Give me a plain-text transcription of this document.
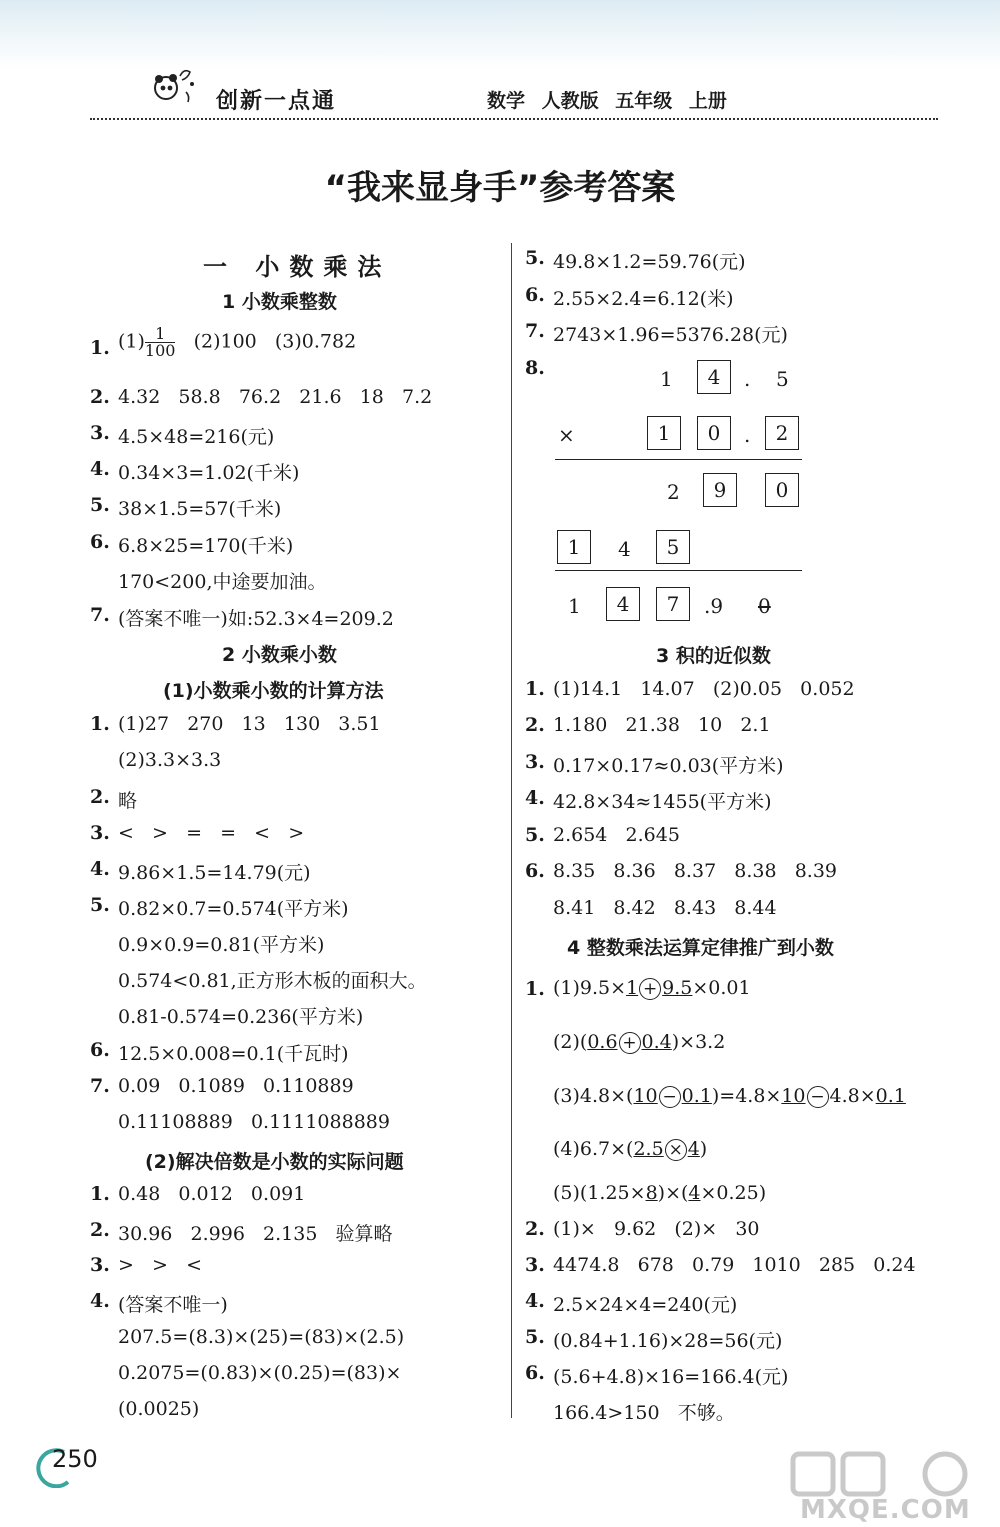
创新一点通	数学 人教版 五年级 上册
“我来显身手”参考答案
一 小数乘法
1 小数乘整数
1. $(1) \frac{1}{100} (2)100$   (3)0.782
2. 4.32   58.8   76.2   21.6   18   7.2
3. 4.5×48=216(元)
4. 0.34×3=1.02(千米)
5. 38×1.5=57(千米)
6. 6.8×25=170(千米)
170<200,中途要加油。
7. (答案不唯一)如:52.3×4=209.2
2 小数乘小数
(1)小数乘小数的计算方法
1. (1)27   270   13   130   3.51
(2)3.3×3.3
2. 略
3. <   >   =   =   <   >
4. 9.86×1.5=14.79(元)
5. 0.82×0.7=0.574(平方米)
0.9×0.9=0.81(平方米)
0.574<0.81,正方形木板的面积大。
0.81-0.574=0.236(平方米)
6. 12.5×0.008=0.1(千瓦时)
7. 0.09   0.1089   0.110889
0.11108889   0.1111088889
(2)解决倍数是小数的实际问题
1. 0.48   0.012   0.091
2. 30.96   2.996   2.135   验算略
3. >   >   <
4. (答案不唯一)
207.5=(8.3)×(25)=(83)×(2.5)
0.2075=(0.83)×(0.25)=(83)×
(0.0025)
5. 49.8×1.2=59.76(元)
6. 2.55×2.4=6.12(米)
7. 2743×1.96=5376.28(元)
8.	1	4	. 5
×	1	0	.	2
2	9	0
1	4	5
1	4	7	.9 0
3 积的近似数
1. (1)14.1   14.07   (2)0.05   0.052
2. 1.180   21.38   10   2.1
3. 0.17×0.17≈0.03(平方米)
4. 42.8×34≈1455(平方米)
5. 2.654   2.645
6. 8.35   8.36   8.37   8.38   8.39
8.41   8.42   8.43   8.44
4 整数乘法运算定律推广到小数
1. (1)9.5×1 + 9.5×0.01
(2)(0.6 + 0.4)×3.2
(3)4.8×(10 − 0.1)=4.8×10 − 4.8×0.1
(4)6.7×(2.5 × 4)
(5)(1.25×8)×(4×0.25)
2. (1)×   9.62   (2)×   30
3. 4474.8   678   0.79   1010   285   0.24
4. 2.5×24×4=240(元)
5. (0.84+1.16)×28=56(元)
6. (5.6+4.8)×16=166.4(元)
166.4>150   不够。
250
MXQE.COM
